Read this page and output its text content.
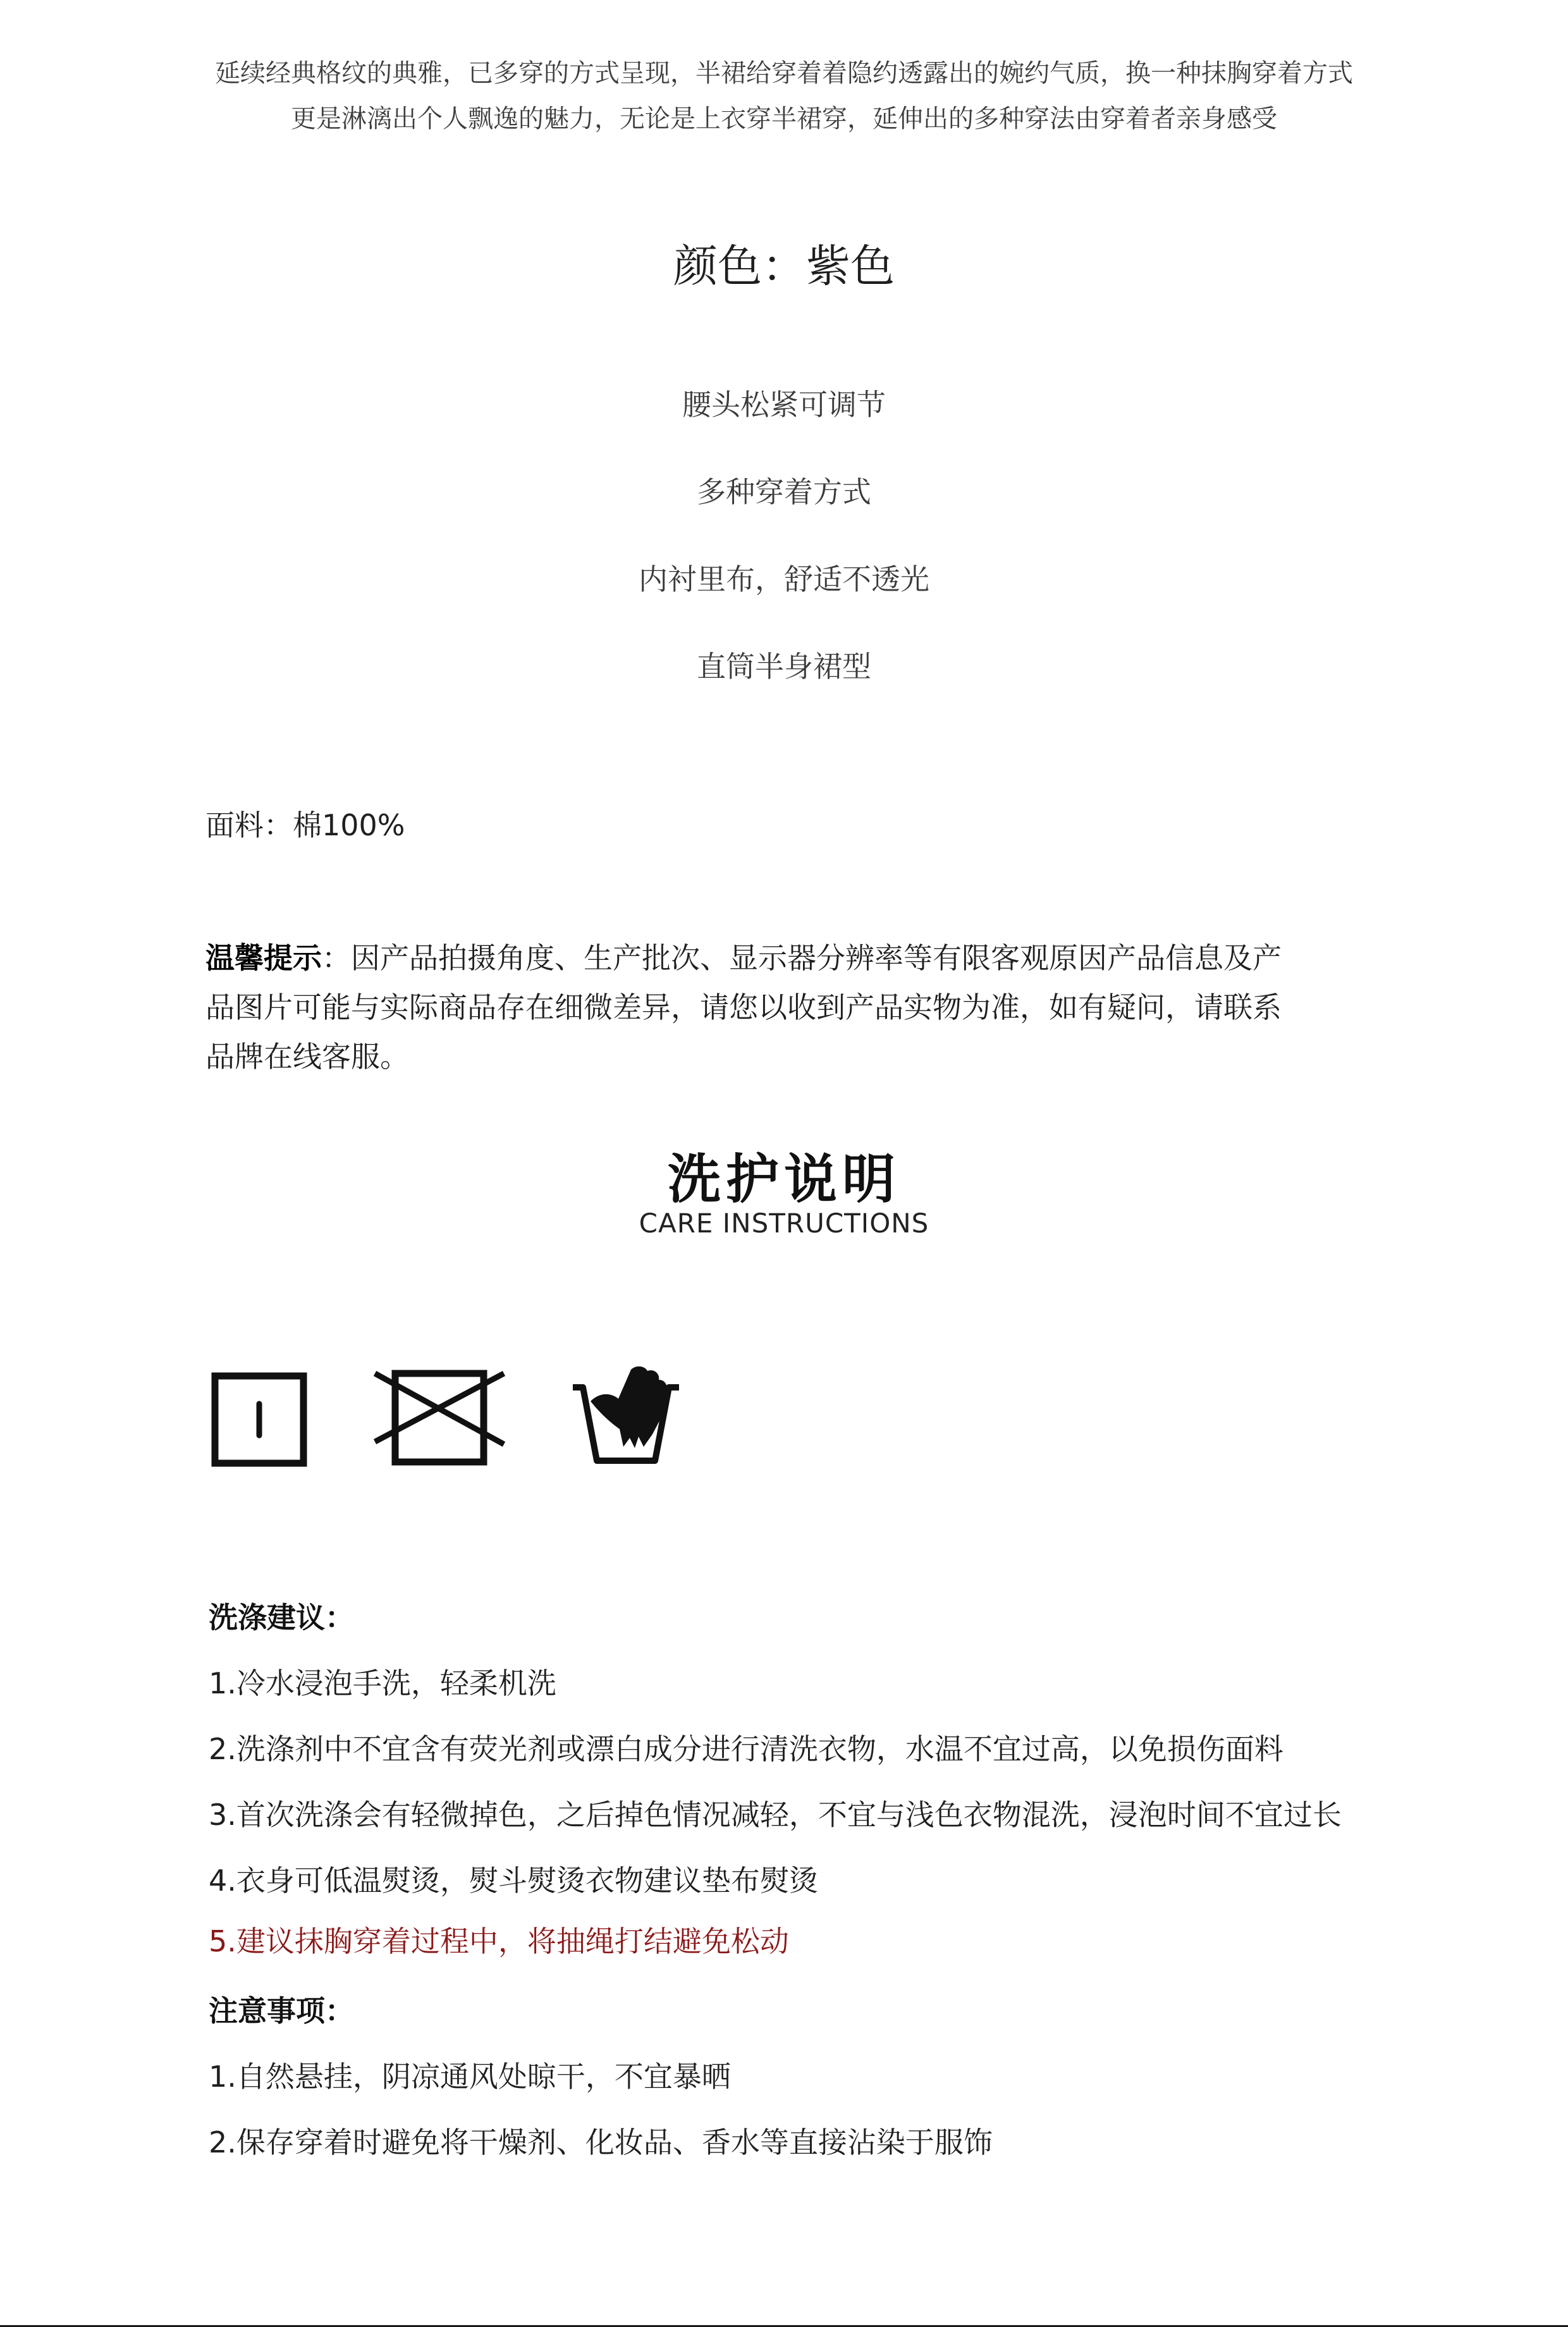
延续经典格纹的典雅，已多穿的方式呈现，半裙给穿着着隐约透露出的婉约气质，换一种抹胸穿着方式
更是淋漓出个人飘逸的魅力，无论是上衣穿半裙穿，延伸出的多种穿法由穿着者亲身感受
颜色：紫色
腰头松紧可调节
多种穿着方式
内衬里布，舒适不透光
直筒半身裙型
面料：棉100%
温馨提示：因产品拍摄角度、生产批次、显示器分辨率等有限客观原因产品信息及产
品图片可能与实际商品存在细微差异，请您以收到产品实物为准，如有疑问，请联系
品牌在线客服。
洗护说明
CARE INSTRUCTIONS
洗涤建议：
1.冷水浸泡手洗，轻柔机洗
2.洗涤剂中不宜含有荧光剂或漂白成分进行清洗衣物，水温不宜过高，以免损伤面料
3.首次洗涤会有轻微掉色，之后掉色情况减轻，不宜与浅色衣物混洗，浸泡时间不宜过长
4.衣身可低温熨烫，熨斗熨烫衣物建议垫布熨烫
5.建议抹胸穿着过程中，将抽绳打结避免松动
注意事项：
1.自然悬挂，阴凉通风处晾干，不宜暴晒
2.保存穿着时避免将干燥剂、化妆品、香水等直接沾染于服饰
